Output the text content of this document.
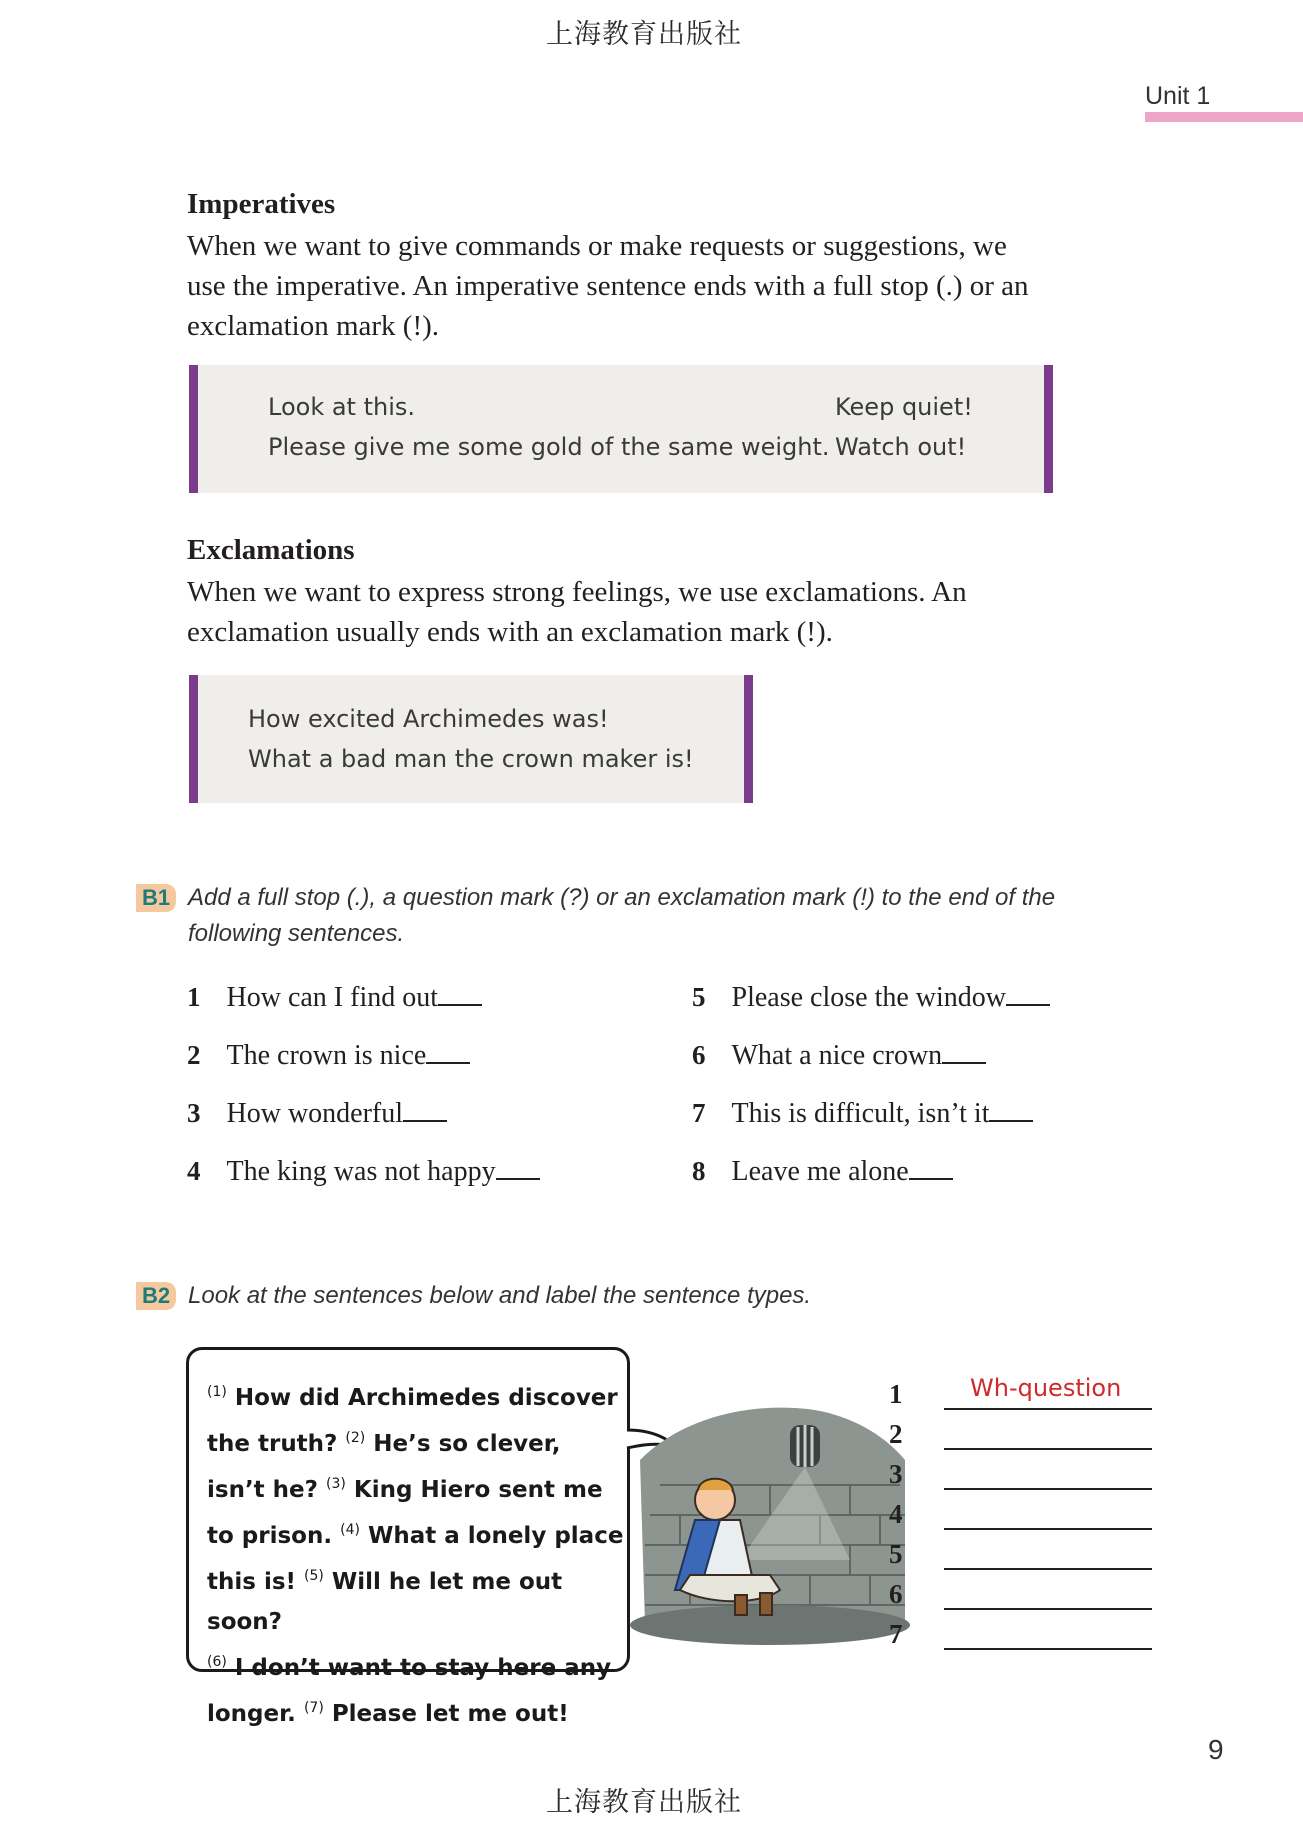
上海教育出版社
Unit 1
Imperatives
When we want to give commands or make requests or suggestions, we
use the imperative. An imperative sentence ends with a full stop (.) or an
exclamation mark (!).
Look at this.
Please give me some gold of the same weight.
Keep quiet!
Watch out!
Exclamations
When we want to express strong feelings, we use exclamations. An
exclamation usually ends with an exclamation mark (!).
How excited Archimedes was!
What a bad man the crown maker is!
B1 Add a full stop (.), a question mark (?) or an exclamation mark (!) to the end of the
following sentences.
1 How can I find out
2 The crown is nice
3 How wonderful
4 The king was not happy
5 Please close the window
6 What a nice crown
7 This is difficult, isn’t it
8 Leave me alone
B2 Look at the sentences below and label the sentence types.
$^{(1)}$ How did Archimedes discover
the truth? $^{(2)}$ He’s so clever,
isn’t he? $^{(3)}$ King Hiero sent me
to prison. $^{(4)}$ What a lonely place
this is! $^{(5)}$ Will he let me out soon?
$^{(6)}$ I don’t want to stay here any
longer. $^{(7)}$ Please let me out!
1	Wh-question
2
3
4
5
6
7
9
上海教育出版社
